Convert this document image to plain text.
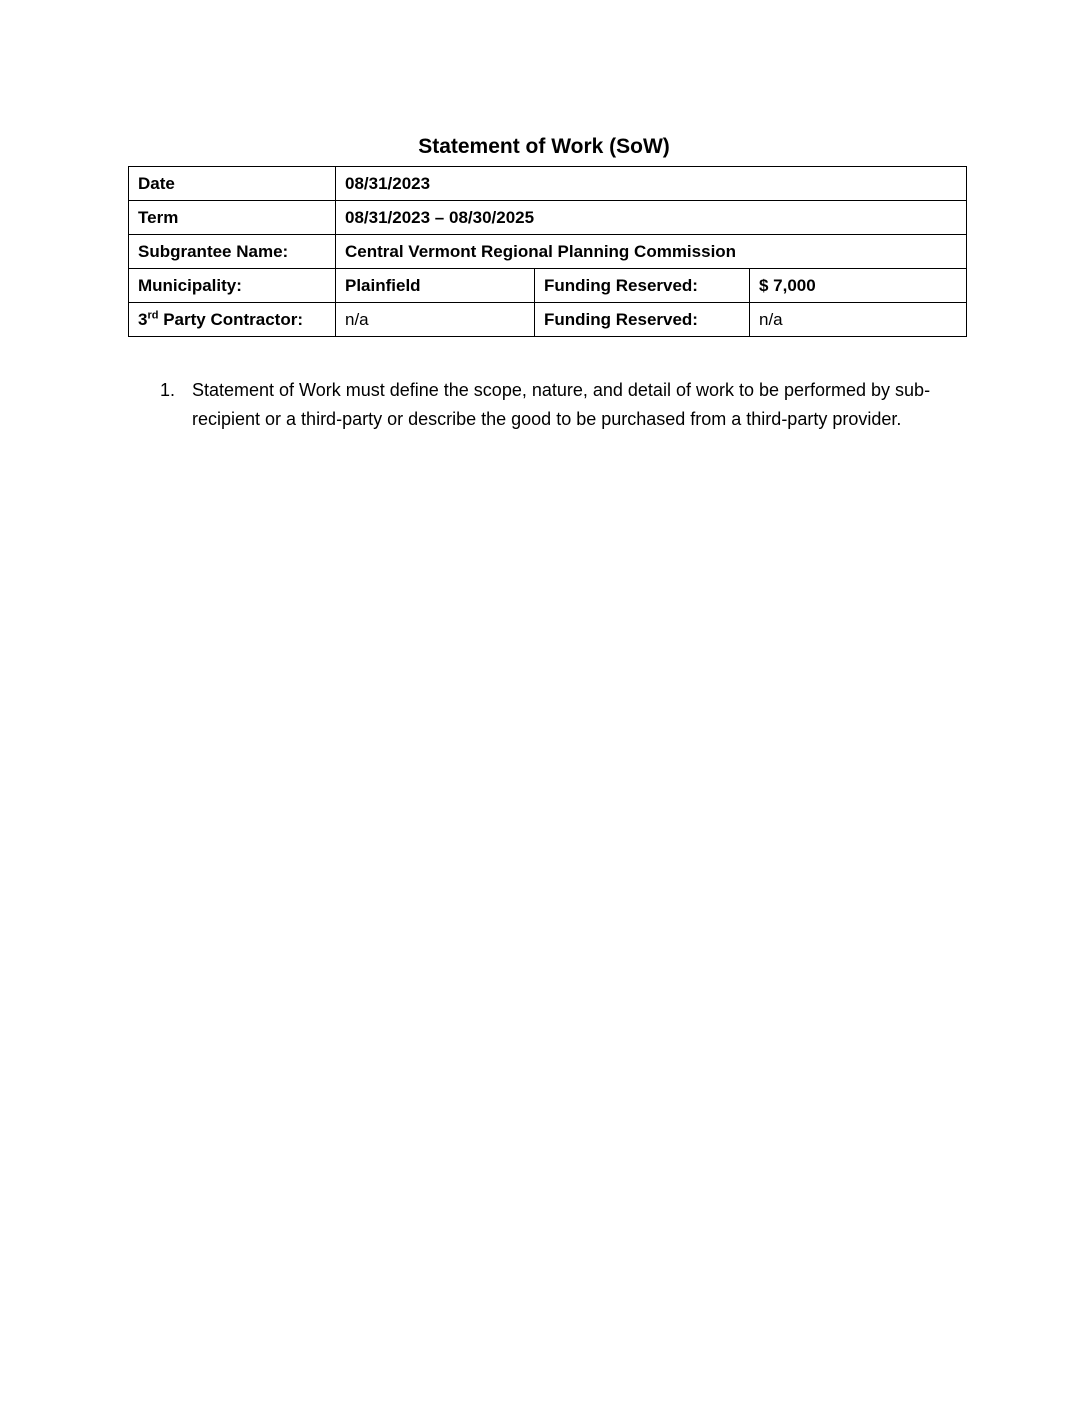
Statement of Work (SoW)
Date	08/31/2023		
Term	08/31/2023 – 08/30/2025		
Subgrantee Name:	Central Vermont Regional Planning Commission		
Municipality:	Plainfield	Funding Reserved:	$ 7,000
3rd Party Contractor:	n/a	Funding Reserved:	n/a
1. Statement of Work must define the scope, nature, and detail of work to be performed by sub-recipient or a third-party or describe the good to be purchased from a third-party provider.
